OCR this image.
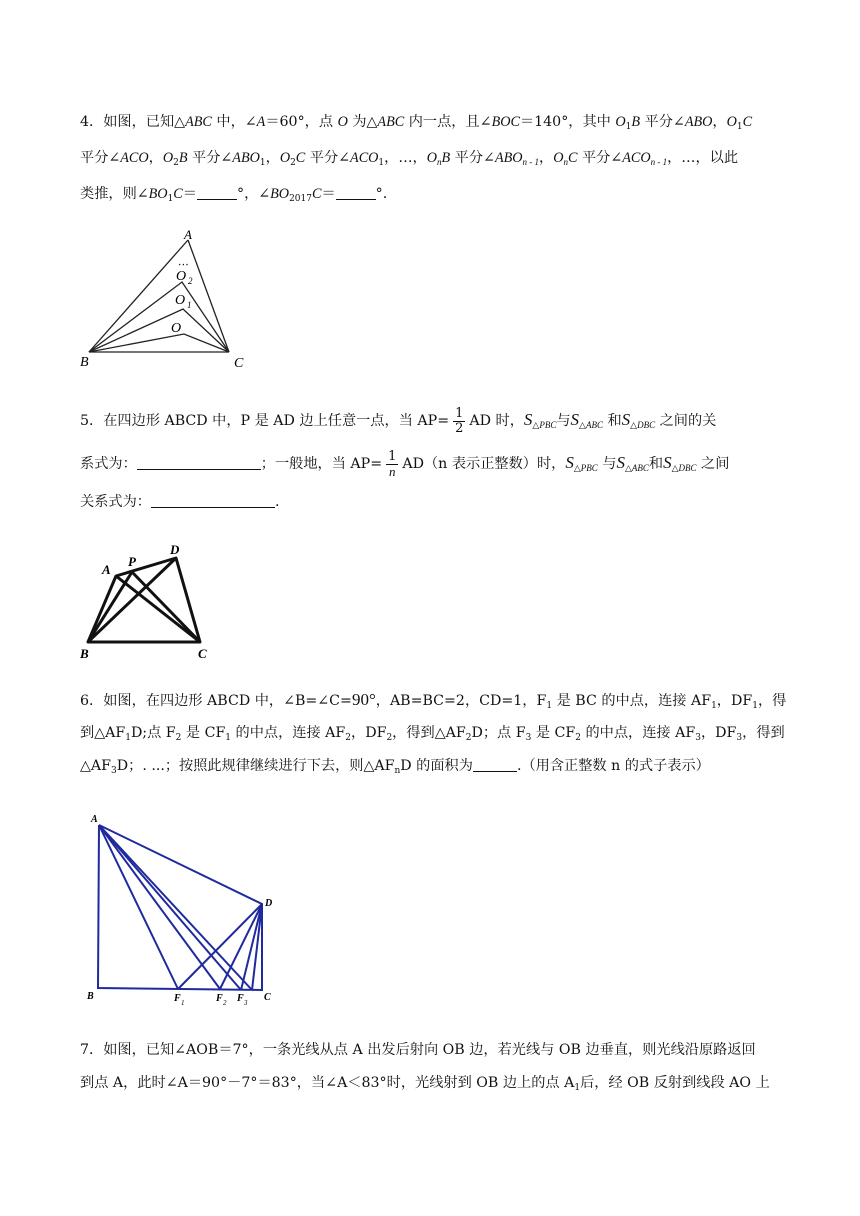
4．如图，已知△ABC 中，∠A＝60°，点 O 为△ABC 内一点，且∠BOC＝140°，其中 $O_1B$ 平分∠ABO，$O_1C$
平分∠ACO，$O_2B$ 平分$\angle ABO_1$，$O_2C$ 平分$\angle ACO_1$，…，$O_nB$ 平分$\angle ABO_{n - 1}$，$O_nC$ 平分$\angle ACO_{n - 1}$，…，以此
类推，则$\angle BO_1C=$	°，$\angle BO_{2017}C=$	°.
A
⋯
O 2
O 1
O
B	C
5．在四边形 ABCD 中，P 是 AD 边上任意一点，当 $AP= \frac{1}{2}$ AD 时，$S_{\triangle PBC}$与$S_{\triangle ABC}$ 和$S_{\triangle DBC}$ 之间的关
系式为：	；一般地，当 $AP= \frac{1}{n} AD(n$ 表示正整数）时，$S_{\triangle PBC}$ 与$S_{\triangle ABC}$和$S_{\triangle DBC}$ 之间
关系式为：	.
A
P
D
B	C
6．如图，在四边形 ABCD 中，∠B=∠C=90°，AB=BC=2，CD=1，$F_1$ 是 BC 的中点，连接 $AF_1$，$DF_1$，得
到$\triangle AF_1D$;点 $F_2$ 是 $CF_1$ 的中点，连接 $AF_2$，$DF_2$，得到$\triangle AF_2D$；点 $F_3$ 是 $CF_2$ 的中点，连接 $AF_3$，$DF_3$，得到
$\triangle AF_3D$；. ...；按照此规律继续进行下去，则$\triangle AF_nD$ 的面积为	.（用含正整数 n 的式子表示）
A
D
B	F 1	F 2 F 3 C
7．如图，已知∠AOB＝7°，一条光线从点 A 出发后射向 OB 边，若光线与 OB 边垂直，则光线沿原路返回
到点 A，此时∠A＝90°－7°＝83°，当∠A＜83°时，光线射到 OB 边上的点 $A_1$后，经 OB 反射到线段 AO 上
